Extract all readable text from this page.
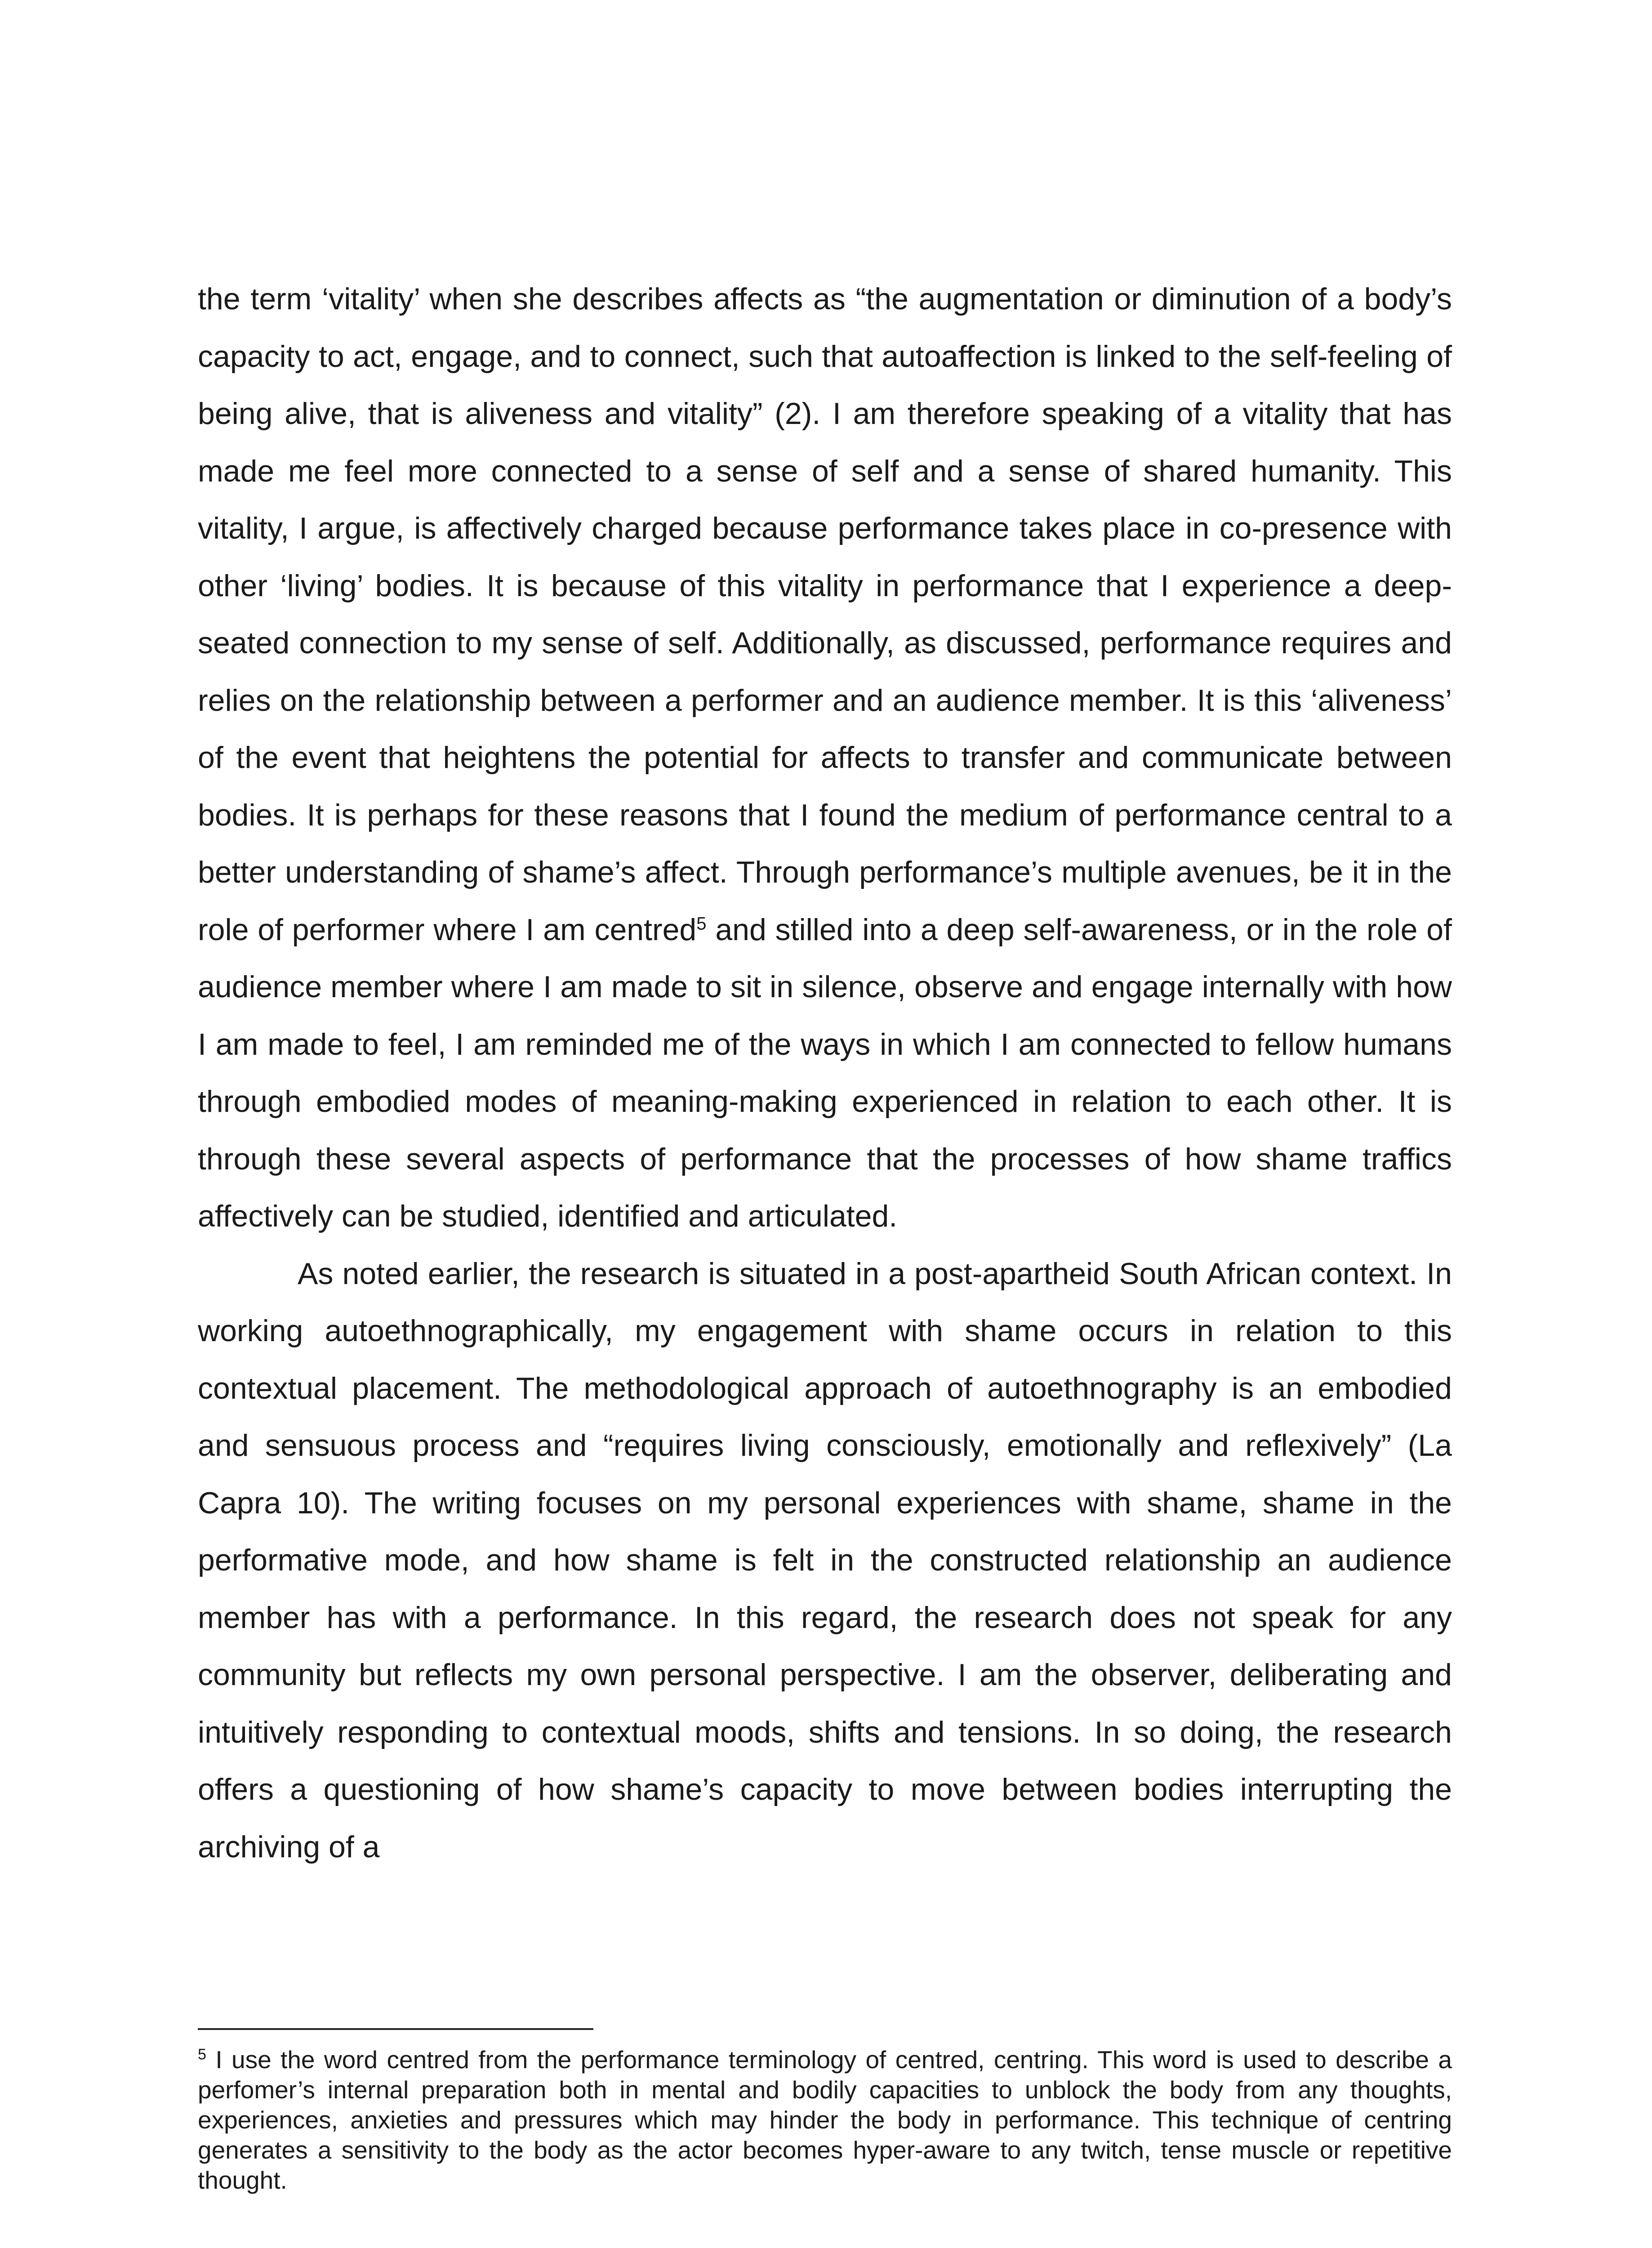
the term ‘vitality’ when she describes affects as “the augmentation or diminution of a body’s capacity to act, engage, and to connect, such that autoaffection is linked to the self-feeling of being alive, that is aliveness and vitality” (2). I am therefore speaking of a vitality that has made me feel more connected to a sense of self and a sense of shared humanity. This vitality, I argue, is affectively charged because performance takes place in co-presence with other ‘living’ bodies. It is because of this vitality in performance that I experience a deep-seated connection to my sense of self. Additionally, as discussed, performance requires and relies on the relationship between a performer and an audience member. It is this ‘aliveness’ of the event that heightens the potential for affects to transfer and communicate between bodies. It is perhaps for these reasons that I found the medium of performance central to a better understanding of shame’s affect. Through performance’s multiple avenues, be it in the role of performer where I am centred$^5$ and stilled into a deep self-awareness, or in the role of audience member where I am made to sit in silence, observe and engage internally with how I am made to feel, I am reminded me of the ways in which I am connected to fellow humans through embodied modes of meaning-making experienced in relation to each other. It is through these several aspects of performance that the processes of how shame traffics affectively can be studied, identified and articulated.

As noted earlier, the research is situated in a post-apartheid South African context. In working autoethnographically, my engagement with shame occurs in relation to this contextual placement. The methodological approach of autoethnography is an embodied and sensuous process and “requires living consciously, emotionally and reflexively” (La Capra 10). The writing focuses on my personal experiences with shame, shame in the performative mode, and how shame is felt in the constructed relationship an audience member has with a performance. In this regard, the research does not speak for any community but reflects my own personal perspective. I am the observer, deliberating and intuitively responding to contextual moods, shifts and tensions. In so doing, the research offers a questioning of how shame’s capacity to move between bodies interrupting the archiving of a

$^5$ I use the word centred from the performance terminology of centred, centring. This word is used to describe a perfomer’s internal preparation both in mental and bodily capacities to unblock the body from any thoughts, experiences, anxieties and pressures which may hinder the body in performance. This technique of centring generates a sensitivity to the body as the actor becomes hyper-aware to any twitch, tense muscle or repetitive thought.
